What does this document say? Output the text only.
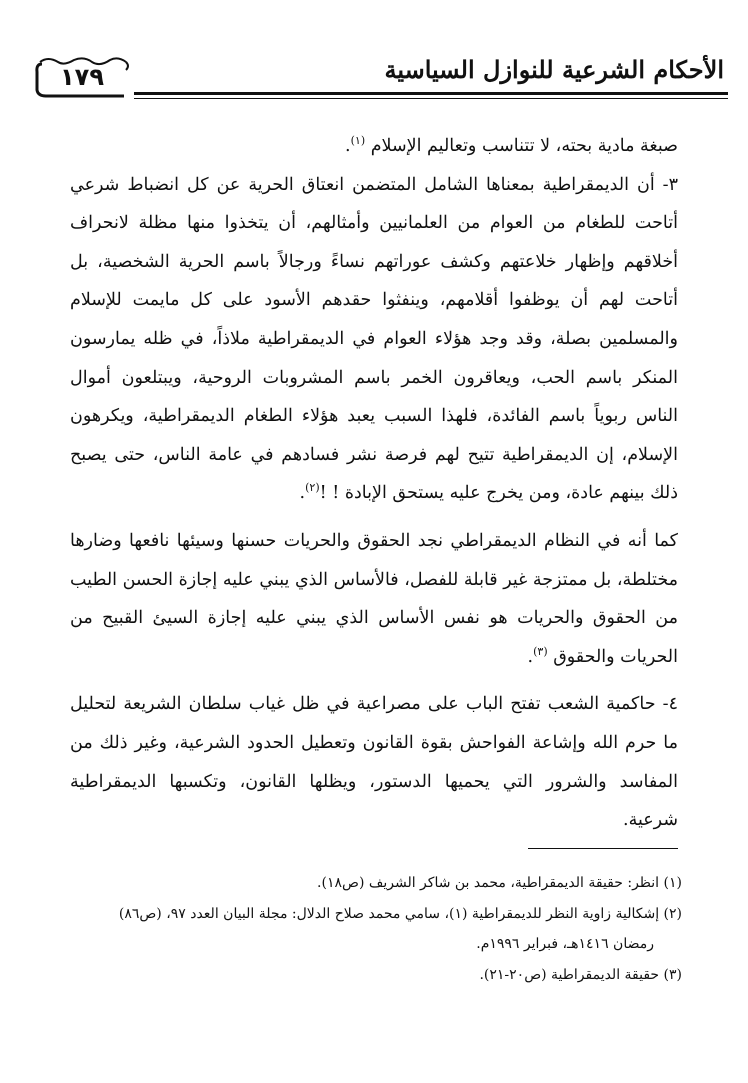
١٧٩	الأحكام الشرعية للنوازل السياسية

صبغة مادية بحته، لا تتناسب وتعاليم الإسلام $^{(١)}$.

٣- أن الديمقراطية بمعناها الشامل المتضمن انعتاق الحرية عن كل انضباط شرعي أتاحت للطغام من العوام من العلمانيين وأمثالهم، أن يتخذوا منها مظلة لانحراف أخلاقهم وإظهار خلاعتهم وكشف عوراتهم نساءً ورجالاً باسم الحرية الشخصية، بل أتاحت لهم أن يوظفوا أقلامهم، وينفثوا حقدهم الأسود على كل مايمت للإسلام والمسلمين بصلة، وقد وجد هؤلاء العوام في الديمقراطية ملاذاً، في ظله يمارسون المنكر باسم الحب، ويعاقرون الخمر باسم المشروبات الروحية، ويبتلعون أموال الناس ربوياً باسم الفائدة، فلهذا السبب يعبد هؤلاء الطغام الديمقراطية، ويكرهون الإسلام، إن الديمقراطية تتيح لهم فرصة نشر فسادهم في عامة الناس، حتى يصبح ذلك بينهم عادة، ومن يخرج عليه يستحق الإبادة ! !$^{(٢)}$.

كما أنه في النظام الديمقراطي نجد الحقوق والحريات حسنها وسيئها نافعها وضارها مختلطة، بل ممتزجة غير قابلة للفصل، فالأساس الذي يبني عليه إجازة الحسن الطيب من الحقوق والحريات هو نفس الأساس الذي يبني عليه إجازة السيئ القبيح من الحريات والحقوق $^{(٣)}$.

٤- حاكمية الشعب تفتح الباب على مصراعية في ظل غياب سلطان الشريعة لتحليل ما حرم الله وإشاعة الفواحش بقوة القانون وتعطيل الحدود الشرعية، وغير ذلك من المفاسد والشرور التي يحميها الدستور، ويظلها القانون، وتكسبها الديمقراطية شرعية.

(١) انظر: حقيقة الديمقراطية، محمد بن شاكر الشريف (ص١٨).
(٢) إشكالية زاوية النظر للديمقراطية (١)، سامي محمد صلاح الدلال: مجلة البيان العدد ٩٧، (ص٨٦)
رمضان ١٤١٦هـ، فبراير ١٩٩٦م.
(٣) حقيقة الديمقراطية (ص٢٠-٢١).
